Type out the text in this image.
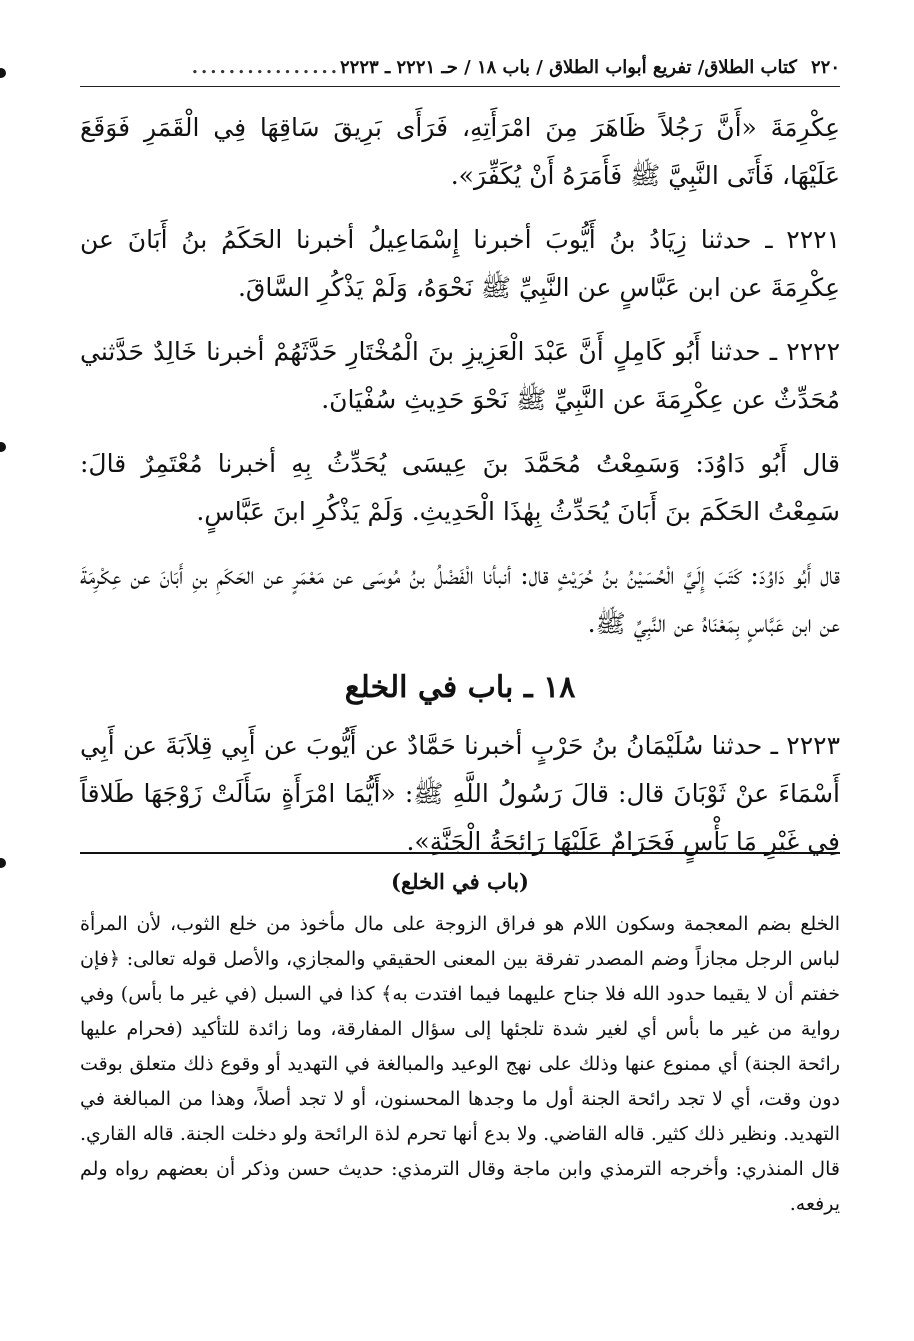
٢٢٠
كتاب الطلاق/ تفريع أبواب الطلاق / باب ١٨ / حـ ٢٢٢١ ـ ٢٢٢٣
................

عِكْرِمَةَ «أَنَّ رَجُلاً ظَاهَرَ مِنَ امْرَأَتِهِ، فَرَأَى بَرِيقَ سَاقِهَا فِي الْقَمَرِ فَوَقَعَ عَلَيْهَا، فَأَتَى النَّبِيَّ ﷺ فَأَمَرَهُ أَنْ يُكَفِّرَ».

٢٢٢١ ـ حدثنا زِيَادُ بنُ أَيُّوبَ أخبرنا إِسْمَاعِيلُ أخبرنا الحَكَمُ بنُ أَبَانَ عن عِكْرِمَةَ عن ابن عَبَّاسٍ عن النَّبِيِّ ﷺ نَحْوَهُ، وَلَمْ يَذْكُرِ السَّاقَ.

٢٢٢٢ ـ حدثنا أَبُو كَامِلٍ أَنَّ عَبْدَ الْعَزِيزِ بنَ الْمُخْتَارِ حَدَّثَهُمْ أخبرنا خَالِدٌ حَدَّثني مُحَدِّثٌ عن عِكْرِمَةَ عن النَّبِيِّ ﷺ نَحْوَ حَدِيثِ سُفْيَانَ.

قال أَبُو دَاوُدَ: وَسَمِعْتُ مُحَمَّدَ بنَ عِيسَى يُحَدِّثُ بِهِ أخبرنا مُعْتَمِرٌ قالَ: سَمِعْتُ الحَكَمَ بنَ أَبَانَ يُحَدِّثُ بِهٰذَا الْحَدِيثِ. وَلَمْ يَذْكُرِ ابنَ عَبَّاسٍ.

قال أَبُو دَاوُدَ: كَتَبَ إِلَيَّ الْحُسَيْنُ بنُ حُرَيْثٍ قال: أنبأنا الْفَضْلُ بنُ مُوسَى عن مَعْمَرٍ عن الحَكَمِ بنِ أَبَانَ عن عِكْرِمَةَ عن ابن عَبَّاسٍ بِمَعْنَاهُ عن النَّبِيِّ ﷺ.

١٨ ـ باب في الخلع

٢٢٢٣ ـ حدثنا سُلَيْمَانُ بنُ حَرْبٍ أخبرنا حَمَّادٌ عن أَيُّوبَ عن أَبِي قِلاَبَةَ عن أَبِي أَسْمَاءَ عنْ ثَوْبَانَ قال: قالَ رَسُولُ اللَّهِ ﷺ: «أَيُّمَا امْرَأَةٍ سَأَلَتْ زَوْجَهَا طَلاقاً فِي غَيْرِ مَا بَأْسٍ فَحَرَامٌ عَلَيْهَا رَائِحَةُ الْجَنَّةِ».

(باب في الخلع)

الخلع بضم المعجمة وسكون اللام هو فراق الزوجة على مال مأخوذ من خلع الثوب، لأن المرأة لباس الرجل مجازاً وضم المصدر تفرقة بين المعنى الحقيقي والمجازي، والأصل قوله تعالى: ﴿فإن خفتم أن لا يقيما حدود الله فلا جناح عليهما فيما افتدت به﴾ كذا في السبل (في غير ما بأس) وفي رواية من غير ما بأس أي لغير شدة تلجئها إلى سؤال المفارقة، وما زائدة للتأكيد (فحرام عليها رائحة الجنة) أي ممنوع عنها وذلك على نهج الوعيد والمبالغة في التهديد أو وقوع ذلك متعلق بوقت دون وقت، أي لا تجد رائحة الجنة أول ما وجدها المحسنون، أو لا تجد أصلاً، وهذا من المبالغة في التهديد. ونظير ذلك كثير. قاله القاضي. ولا بدع أنها تحرم لذة الرائحة ولو دخلت الجنة. قاله القاري. قال المنذري: وأخرجه الترمذي وابن ماجة وقال الترمذي: حديث حسن وذكر أن بعضهم رواه ولم يرفعه.
